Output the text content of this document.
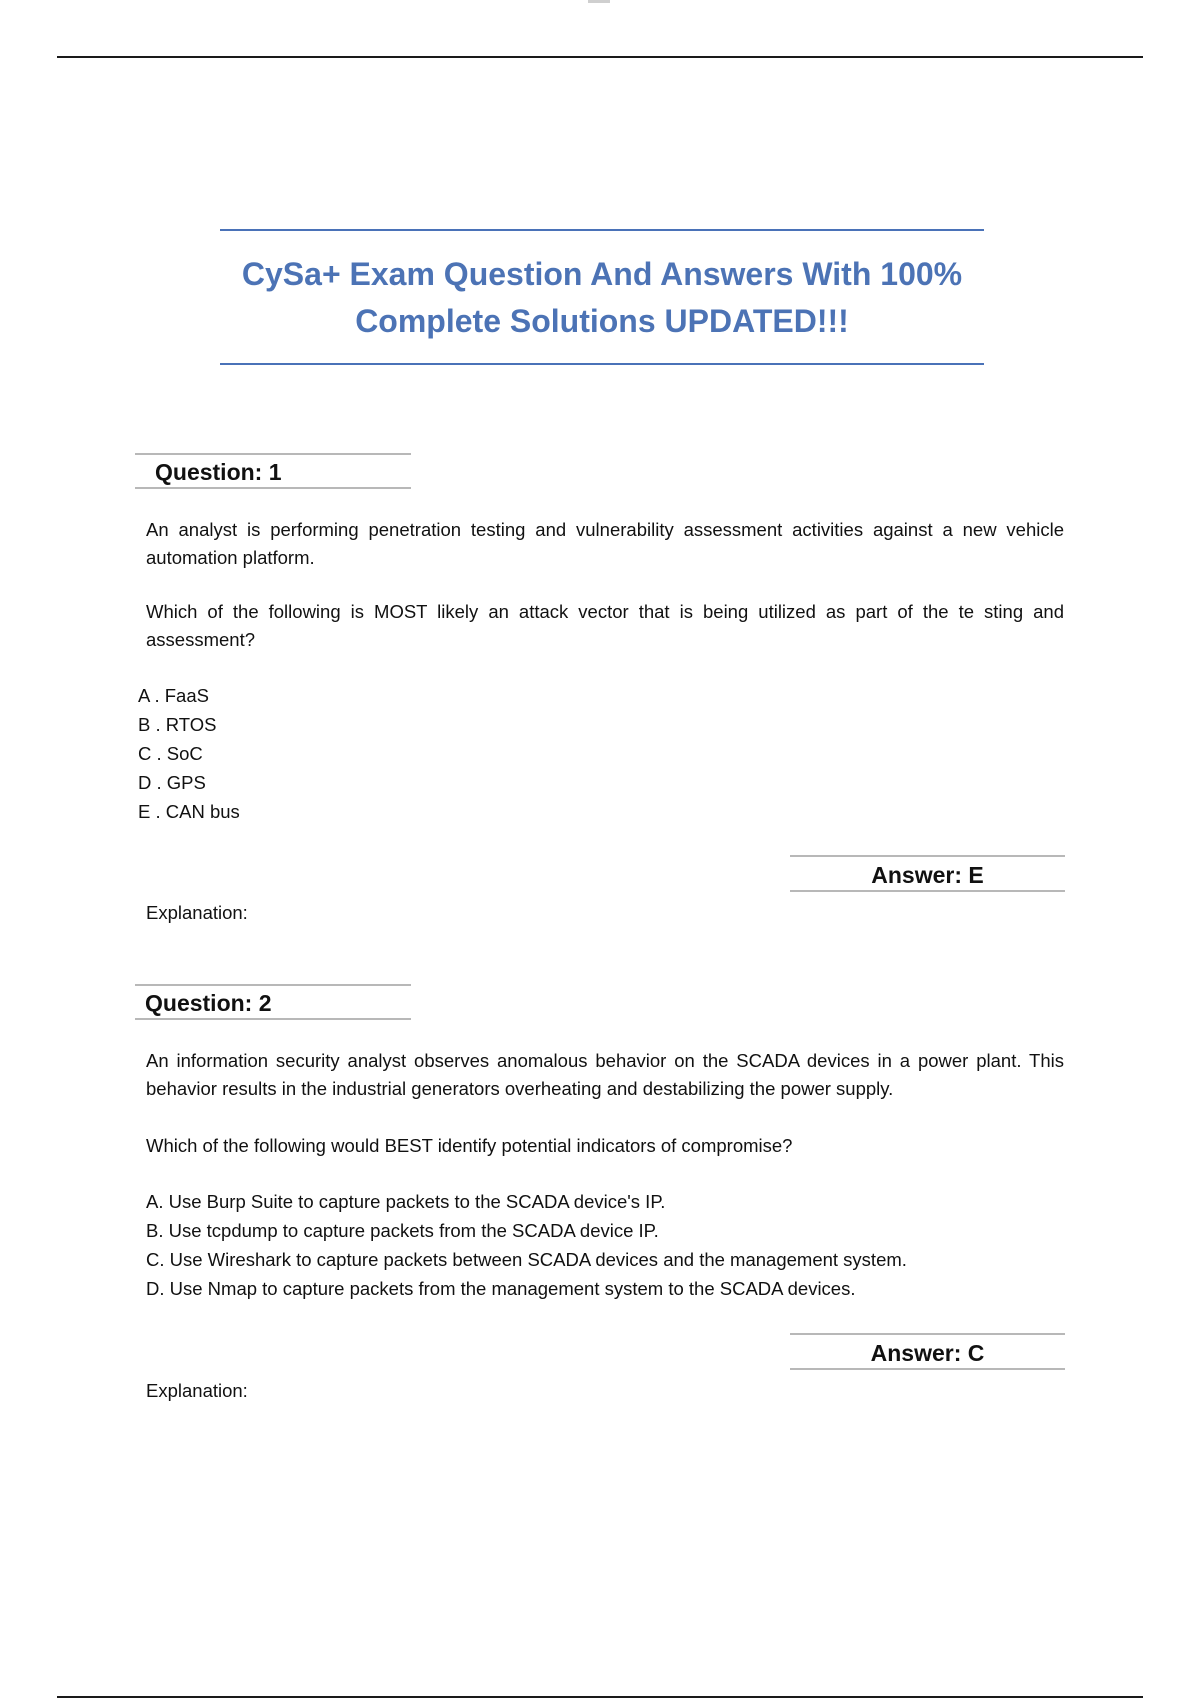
CySa+ Exam Question And Answers With 100%
Complete Solutions UPDATED!!!
Question: 1

An analyst is performing penetration testing and vulnerability assessment activities against a new vehicle automation platform.

Which of the following is MOST likely an attack vector that is being utilized as part of the te sting and assessment?

A . FaaS
B . RTOS
C . SoC
D . GPS
E . CAN bus
Answer: E
Explanation:
Question: 2

An information security analyst observes anomalous behavior on the SCADA devices in a power plant. This behavior results in the industrial generators overheating and destabilizing the power supply.

Which of the following would BEST identify potential indicators of compromise?

A. Use Burp Suite to capture packets to the SCADA device's IP.
B. Use tcpdump to capture packets from the SCADA device IP.
C. Use Wireshark to capture packets between SCADA devices and the management system.
D. Use Nmap to capture packets from the management system to the SCADA devices.
Answer: C
Explanation:
